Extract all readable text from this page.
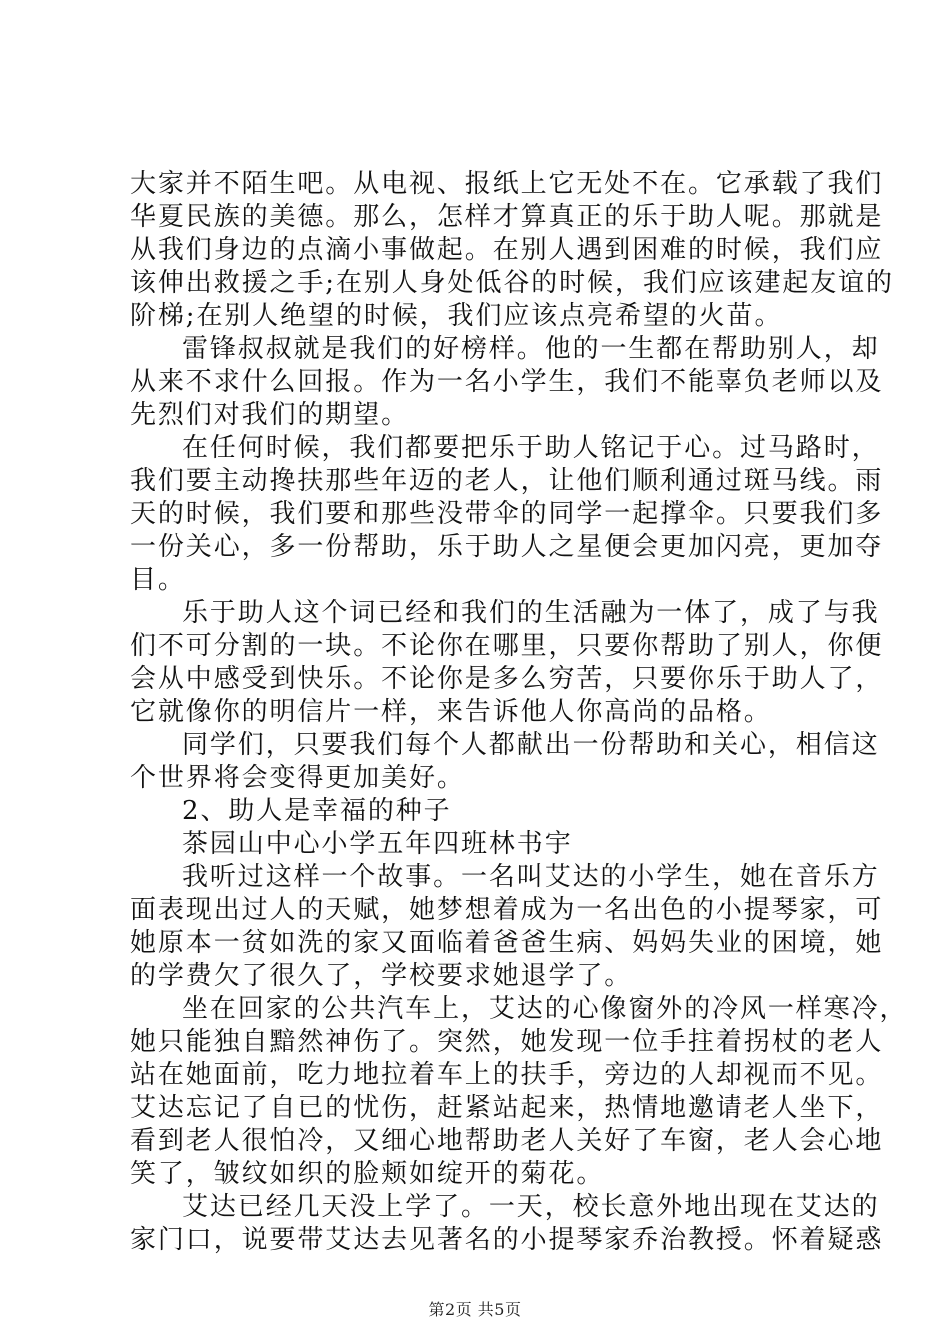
大家并不陌生吧。从电视、报纸上它无处不在。它承载了我们
华夏民族的美德。那么，怎样才算真正的乐于助人呢。那就是
从我们身边的点滴小事做起。在别人遇到困难的时候，我们应
该伸出救援之手;在别人身处低谷的时候，我们应该建起友谊的
阶梯;在别人绝望的时候，我们应该点亮希望的火苗。
雷锋叔叔就是我们的好榜样。他的一生都在帮助别人，却
从来不求什么回报。作为一名小学生，我们不能辜负老师以及
先烈们对我们的期望。
在任何时候，我们都要把乐于助人铭记于心。过马路时，
我们要主动搀扶那些年迈的老人，让他们顺利通过斑马线。雨
天的时候，我们要和那些没带伞的同学一起撑伞。只要我们多
一份关心，多一份帮助，乐于助人之星便会更加闪亮，更加夺
目。
乐于助人这个词已经和我们的生活融为一体了，成了与我
们不可分割的一块。不论你在哪里，只要你帮助了别人，你便
会从中感受到快乐。不论你是多么穷苦，只要你乐于助人了，
它就像你的明信片一样，来告诉他人你高尚的品格。
同学们，只要我们每个人都献出一份帮助和关心，相信这
个世界将会变得更加美好。
2、助人是幸福的种子
茶园山中心小学五年四班林书宇
我听过这样一个故事。一名叫艾达的小学生，她在音乐方
面表现出过人的天赋，她梦想着成为一名出色的小提琴家，可
她原本一贫如洗的家又面临着爸爸生病、妈妈失业的困境，她
的学费欠了很久了，学校要求她退学了。
坐在回家的公共汽车上，艾达的心像窗外的冷风一样寒冷，
她只能独自黯然神伤了。突然，她发现一位手拄着拐杖的老人
站在她面前，吃力地拉着车上的扶手，旁边的人却视而不见。
艾达忘记了自已的忧伤，赶紧站起来，热情地邀请老人坐下，
看到老人很怕冷，又细心地帮助老人关好了车窗，老人会心地
笑了，皱纹如织的脸颊如绽开的菊花。
艾达已经几天没上学了。一天，校长意外地出现在艾达的
家门口，说要带艾达去见著名的小提琴家乔治教授。怀着疑惑
第2页 共5页
